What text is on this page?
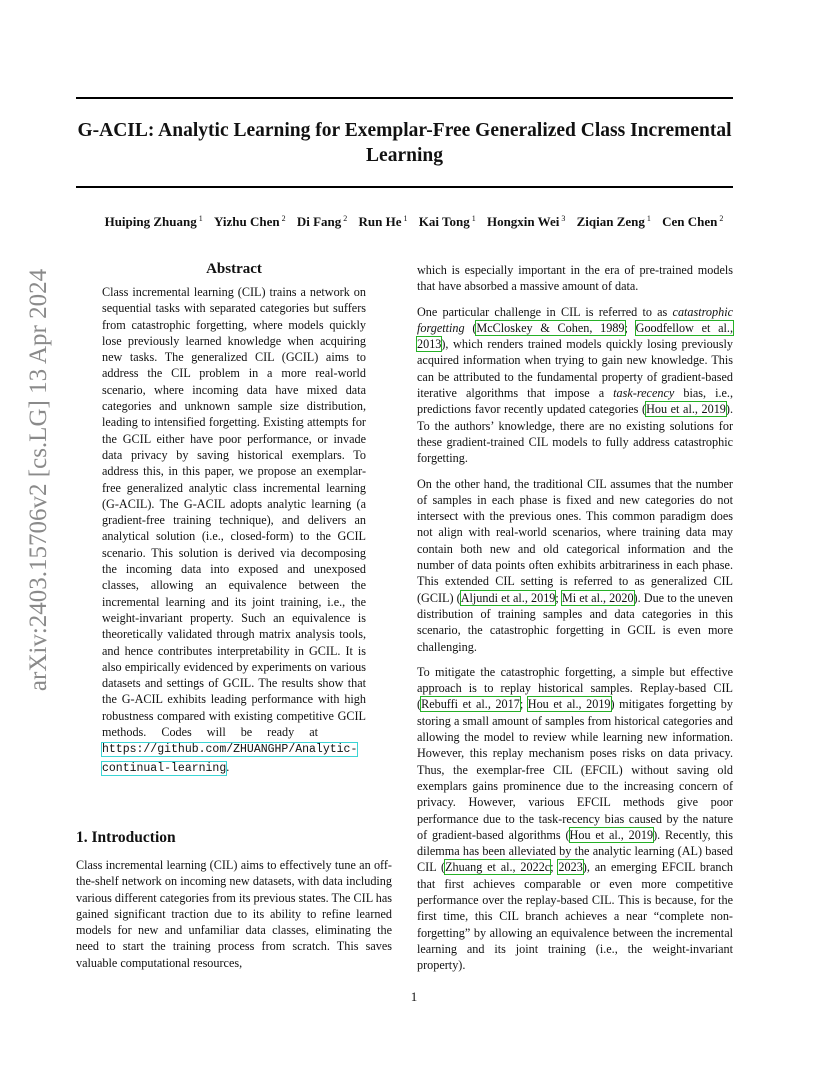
arXiv:2403.15706v2 [cs.LG] 13 Apr 2024
G-ACIL: Analytic Learning for Exemplar-Free Generalized Class Incremental Learning
Huiping Zhuang $^1$ Yizhu Chen $^2$ Di Fang $^2$ Run He $^1$ Kai Tong $^1$ Hongxin Wei $^3$ Ziqian Zeng $^1$ Cen Chen $^2$
Abstract
Class incremental learning (CIL) trains a network on sequential tasks with separated categories but suffers from catastrophic forgetting, where models quickly lose previously learned knowledge when acquiring new tasks. The generalized CIL (GCIL) aims to address the CIL problem in a more real-world scenario, where incoming data have mixed data categories and unknown sample size distribution, leading to intensified forgetting. Existing attempts for the GCIL either have poor performance, or invade data privacy by saving historical exemplars. To address this, in this paper, we propose an exemplar-free generalized analytic class incremental learning (G-ACIL). The G-ACIL adopts analytic learning (a gradient-free training technique), and delivers an analytical solution (i.e., closed-form) to the GCIL scenario. This solution is derived via decomposing the incoming data into exposed and unexposed classes, allowing an equivalence between the incremental learning and its joint training, i.e., the weight-invariant property. Such an equivalence is theoretically validated through matrix analysis tools, and hence contributes interpretability in GCIL. It is also empirically evidenced by experiments on various datasets and settings of GCIL. The results show that the G-ACIL exhibits leading performance with high robustness compared with existing competitive GCIL methods. Codes will be ready at     https://github.com/ZHUANGHP/Analytic-continual-learning.
1. Introduction
Class incremental learning (CIL) aims to effectively tune an off-the-shelf network on incoming new datasets, with data including various different categories from its previous states. The CIL has gained significant traction due to its ability to refine learned models for new and unfamiliar data classes, eliminating the need to start the training process from scratch. This saves valuable computational resources,

which is especially important in the era of pre-trained models that have absorbed a massive amount of data.

One particular challenge in CIL is referred to as catastrophic forgetting (McCloskey & Cohen, 1989; Goodfellow et al., 2013), which renders trained models quickly losing previously acquired information when trying to gain new knowledge. This can be attributed to the fundamental property of gradient-based iterative algorithms that impose a task-recency bias, i.e., predictions favor recently updated categories (Hou et al., 2019). To the authors’ knowledge, there are no existing solutions for these gradient-trained CIL models to fully address catastrophic forgetting.

On the other hand, the traditional CIL assumes that the number of samples in each phase is fixed and new categories do not intersect with the previous ones. This common paradigm does not align with real-world scenarios, where training data may contain both new and old categorical information and the number of data points often exhibits arbitrariness in each phase. This extended CIL setting is referred to as generalized CIL (GCIL) (Aljundi et al., 2019; Mi et al., 2020). Due to the uneven distribution of training samples and data categories in this scenario, the catastrophic forgetting in GCIL is even more challenging.

To mitigate the catastrophic forgetting, a simple but effective approach is to replay historical samples. Replay-based CIL (Rebuffi et al., 2017; Hou et al., 2019) mitigates forgetting by storing a small amount of samples from historical categories and allowing the model to review while learning new information. However, this replay mechanism poses risks on data privacy. Thus, the exemplar-free CIL (EFCIL) without saving old exemplars gains prominence due to the increasing concern of privacy. However, various EFCIL methods give poor performance due to the task-recency bias caused by the nature of gradient-based algorithms (Hou et al., 2019). Recently, this dilemma has been alleviated by the analytic learning (AL) based CIL (Zhuang et al., 2022c; 2023), an emerging EFCIL branch that first achieves comparable or even more competitive performance over the replay-based CIL. This is because, for the first time, this CIL branch achieves a near “complete non-forgetting” by allowing an equivalence between the incremental learning and its joint training (i.e., the weight-invariant property).

1
